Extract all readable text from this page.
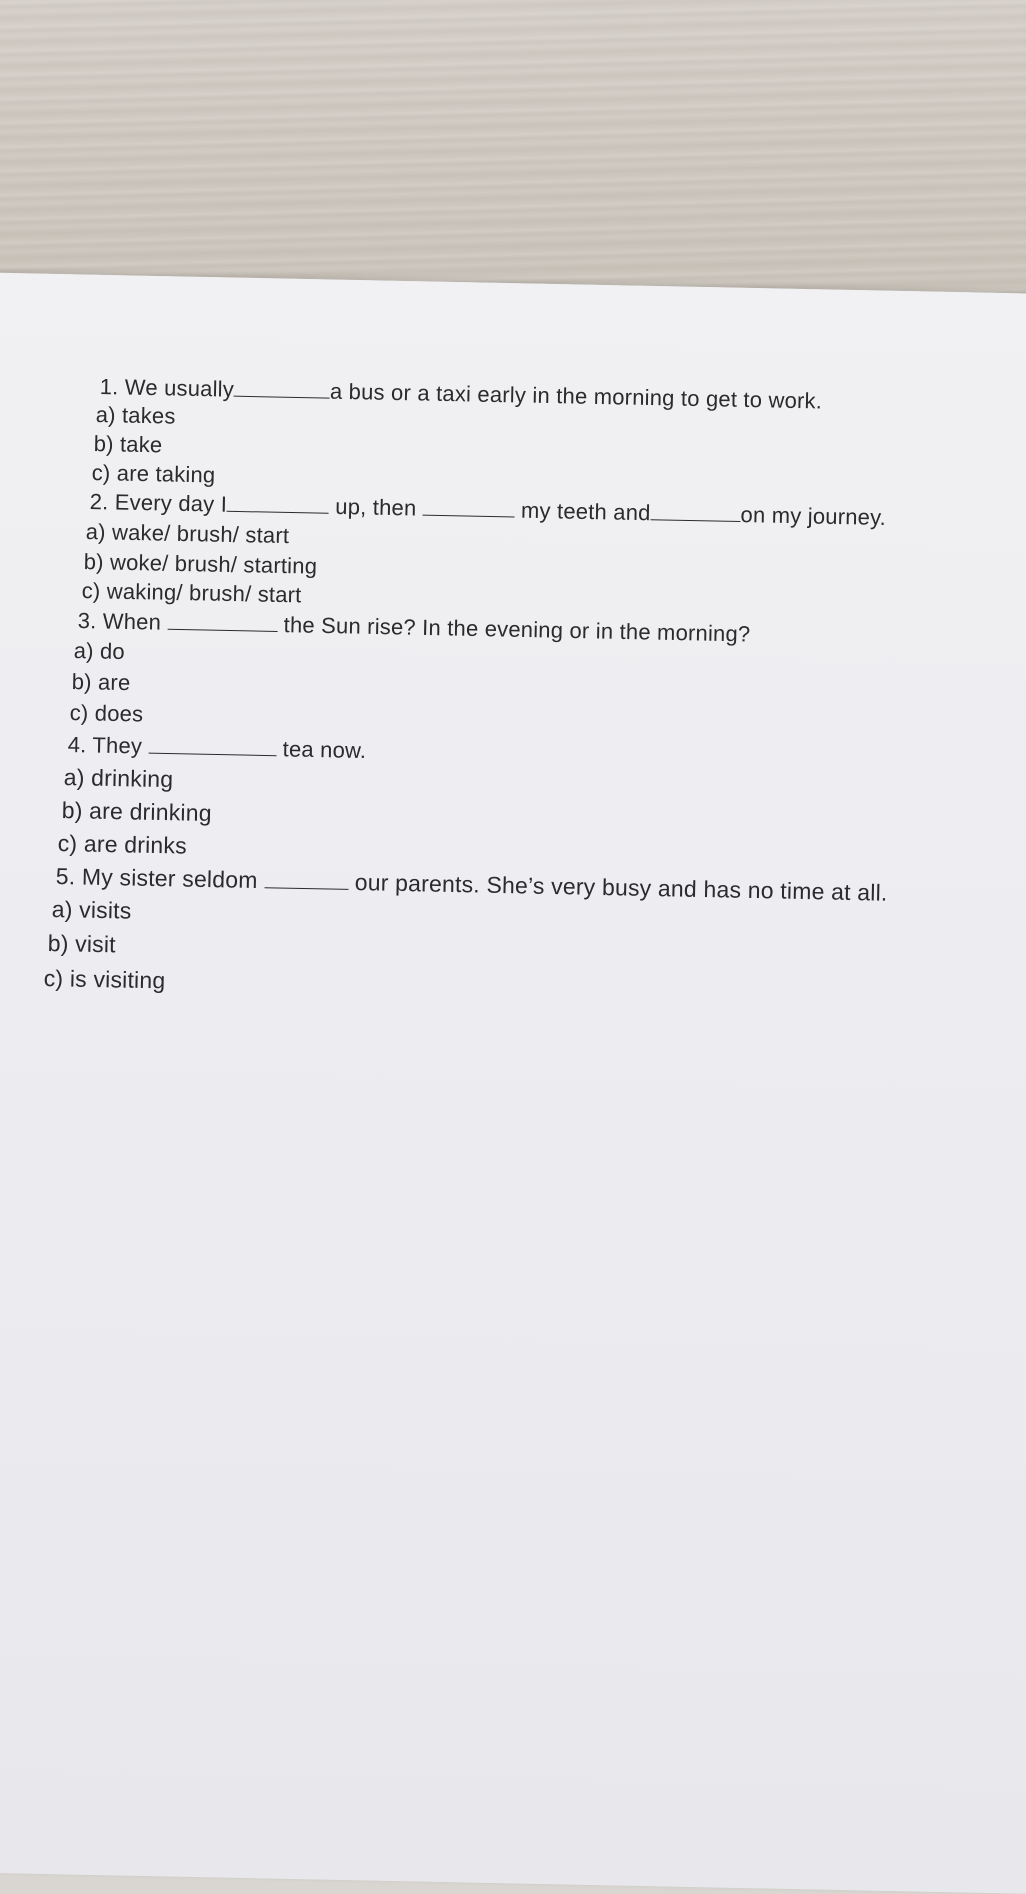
1. We usually	a bus or a taxi early in the morning to get to work.
a) takes
b) take
c) are taking
2. Every day I	up, then	my teeth and	on my journey.
a) wake/ brush/ start
b) woke/ brush/ starting
c) waking/ brush/ start
3. When	the Sun rise? In the evening or in the morning?
a) do
b) are
c) does
4. They	tea now.
a) drinking
b) are drinking
c) are drinks
5. My sister seldom	our parents. She’s very busy and has no time at all.
a) visits
b) visit
c) is visiting
